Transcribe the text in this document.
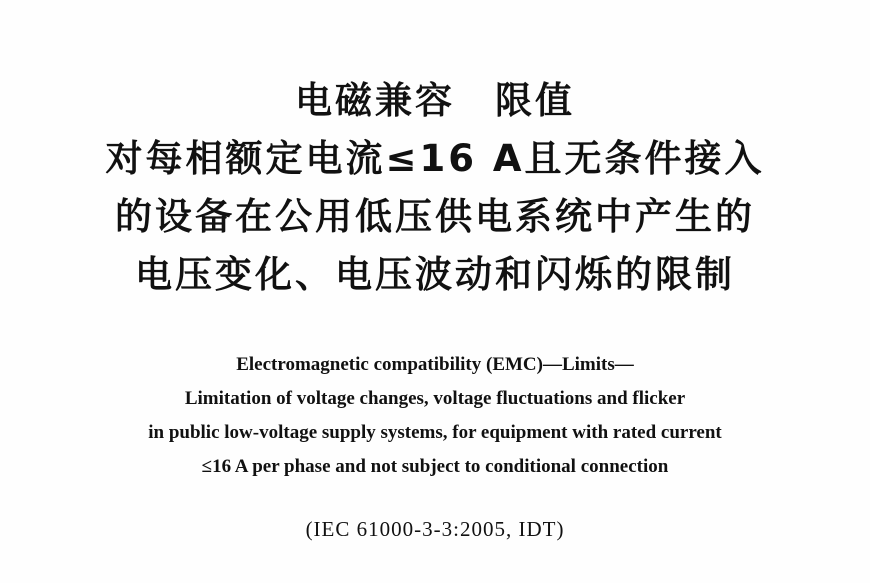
电磁兼容　限值
对每相额定电流≤16 A且无条件接入
的设备在公用低压供电系统中产生的
电压变化、电压波动和闪烁的限制
Electromagnetic compatibility (EMC)—Limits—
Limitation of voltage changes, voltage fluctuations and flicker
in public low-voltage supply systems, for equipment with rated current
≤16 A per phase and not subject to conditional connection
(IEC 61000-3-3:2005, IDT)
